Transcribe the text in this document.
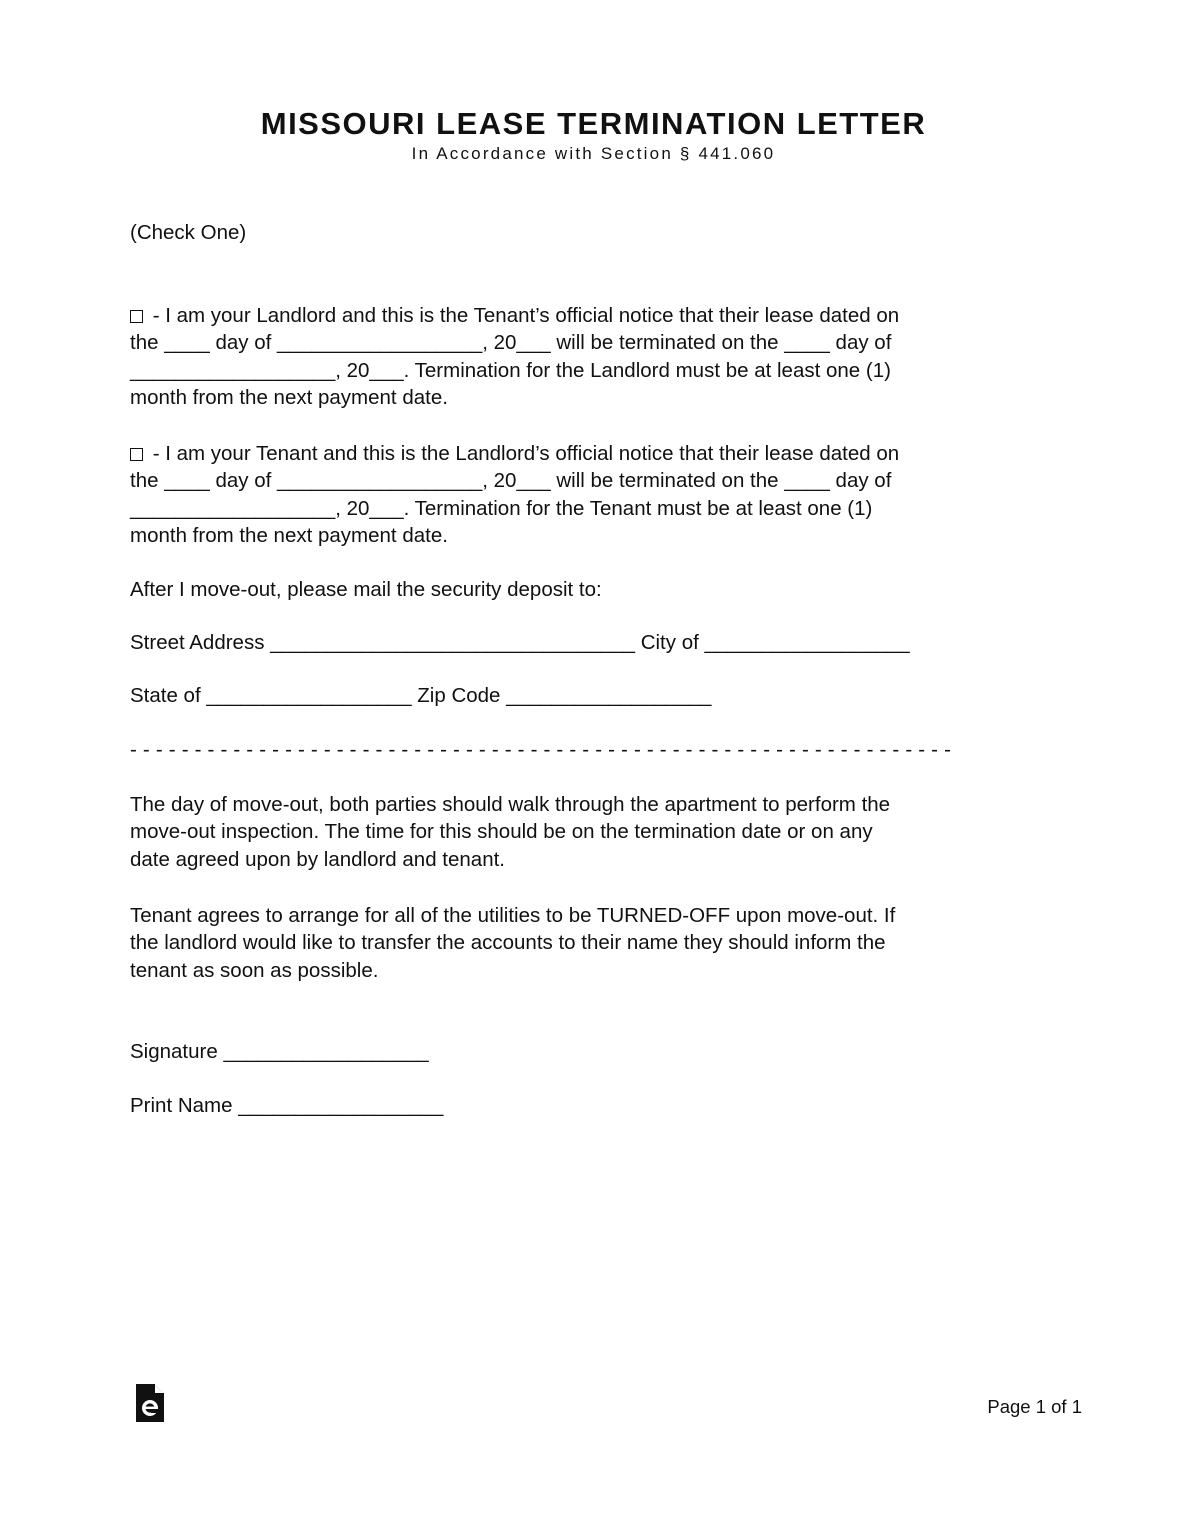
MISSOURI LEASE TERMINATION LETTER
In Accordance with Section § 441.060
(Check One)
- I am your Landlord and this is the Tenant’s official notice that their lease dated on
the ____ day of __________________, 20___ will be terminated on the ____ day of
__________________, 20___. Termination for the Landlord must be at least one (1)
month from the next payment date.
- I am your Tenant and this is the Landlord’s official notice that their lease dated on
the ____ day of __________________, 20___ will be terminated on the ____ day of
__________________, 20___. Termination for the Tenant must be at least one (1)
month from the next payment date.
After I move-out, please mail the security deposit to:
Street Address ________________________________ City of __________________
State of __________________ Zip Code __________________
- - - - - - - - - - - - - - - - - - - - - - - - - - - - - - - - - - - - - - - - - - - - - - - - - - - - - - - - - - - - - - - -
The day of move-out, both parties should walk through the apartment to perform the
move-out inspection. The time for this should be on the termination date or on any
date agreed upon by landlord and tenant.
Tenant agrees to arrange for all of the utilities to be TURNED-OFF upon move-out. If
the landlord would like to transfer the accounts to their name they should inform the
tenant as soon as possible.
Signature __________________
Print Name __________________
Page 1 of 1
